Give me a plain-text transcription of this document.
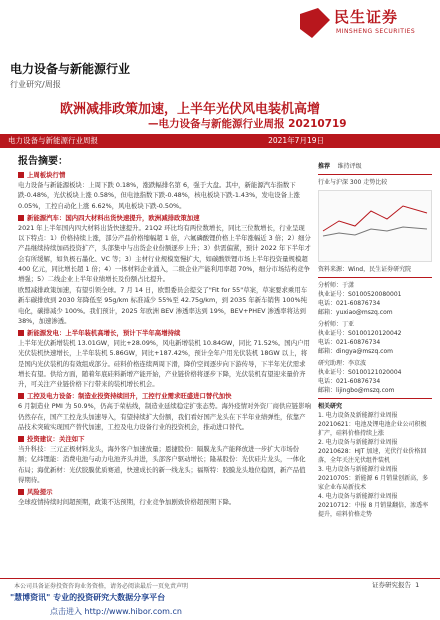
民生证券
MINSHENG SECURITIES
电力设备与新能源行业
行业研究/周报
欧洲减排政策加速，上半年光伏风电装机高增
—电力设备与新能源行业周报 20210719
电力设备与新能源行业周报	2021年7月19日
报告摘要：
上周板块行情
电力设备与新能源板块：上周下跌 0.18%，涨跌幅排名第 6，强于大盘。其中，新能源汽车指数下跌-0.48%，光伏板块上涨 0.58%，但电池指数下跌-0.48%，核电板块下跌-1.43%，发电设备上涨 0.05%，工控自动化上涨 6.62%，风电板块下跌-0.50%。
新能源汽车：国内四大材料出货快速提升，欧洲减排政策加速
2021 年上半年国内四大材料出货快速提升。21Q2 环比均有两位数增长，同比三位数增长，行业呈现以下特点：1）价格持续上涨，部分产品价格缩幅超 1 倍，六氟磷酸锂价格上半年涨幅近 3 倍；2）细分产品继续持续加码投资扩产，头部集中与出货企业份额逐步上升；3）供需偏紧，预计 2022 年下半年才会有所缓解，如负极石墨化、VC 等；3）主材行业规模宽慢扩大，如碳酸铁锂市场上半年投资量规模超 400 亿元，同比增长超 1 倍；4）一体材料企业涌入，二级企业产能利用率超 70%，细分市场结构竞争增强；5）二线企业上半年业绩增长及份额占比提升。
欧盟减排政策加速，有望引领全球。7 月 14 日，欧盟委员会提交了"Fit for 55"草案，草案要求乘用车新车碳排放到 2030 年降低至 95g/km 标准减少 55%至 42.75g/km，到 2035 年新车销售 100%纯电化，碳排减少 100%。我们预计，2025 年欧洲 BEV 渗透率达到 19%，BEV+PHEV 渗透率将达到 38%，加速渗透。
新能源发电：上半年装机高增长，预计下半年高增持续
上半年光伏新增装机 13.01GW，同比+28.09%，风电新增装机 10.84GW，同比 71.52%。国内户用光伏装机快速增长，上半年装机 5.86GW，同比+187.42%，预计全年户用光伏装机 18GW 以上，将是国内光伏装机的有效组成部分。硅料价格连续两周下滑，降价空间逐步向下游传导，下半年光伏需求增长有望。供给方面，随着年底硅料新增产能开始，产业链价格将逐步下降，光伏装机有望迎来量价齐升，可关注产业链价格下行带来的装机增长机会。
工控及电力设备：制造业投资持续回升，工控行业需求旺盛进口替代加快
6 月制造业 PMI 为 50.9%，仍高于荣枯线，制造业延续稳定扩张态势。海外疫情对外资厂商供应链影响仍然存在，国产工控龙头加速导入，有望持续扩大份额，我们看好国产龙头在下半年业绩弹性，依靠产品技术突破实现国产替代加速，工控及电力设备行业的投资机会，推动进口替代。
投资建议：关注如下
当升科技：三元正极材料龙头，海外客户加速放量；恩捷股份：隔膜龙头产能释放进一步扩大市场份额；亿纬锂能：消费电池与动力电池齐头并进，头部客户驱动增长；隆基股份：光伏硅片龙头，一体化布局；海优新材：光伏胶膜优质赛道，快速成长的新一线龙头；福斯特：胶膜龙头地位稳固，新产品值得期待。
风险提示
全球疫情持续时间超预期，政策不达预期，行业竞争加剧致价格超预期下降。
推荐 维持评级
行业与沪深 300 走势比较
资料来源：Wind，民生证券研究院
分析师：于潇
执业证号：S0100520080001
电话：021-60876734
邮箱：yuxiao@mszq.com
分析师：丁亚
执业证号：S0100120120042
电话：021-60876734
邮箱：dingya@mszq.com
研究助理：李京波
执业证号：S0100121020004
电话：021-60876734
邮箱：lijingbo@mszq.com
相关研究
1. 电力设备及新能源行业周报 20210621：电池及锂电池企业公司积极扩产，硅料价格持续上涨
2. 电力设备与新能源行业周报 20210628：HJT 加速，光伏行业价格回落，全年关注光伏组件装机
3. 电力设备与新能源行业周报 20210705：新能源 6 月销量创新高，多家企业布局新技术
4. 电力设备与新能源行业周报 20210712：中报 8 月销量翻倍，渗透率提升，硅料价格走势
本公司具备证券投资咨询业务资格，请务必阅读最后一页免责声明	证券研究报告 1
"慧博资讯" 专业的投资研究大数据分享平台
点击进入 http://www.hibor.com.cn
